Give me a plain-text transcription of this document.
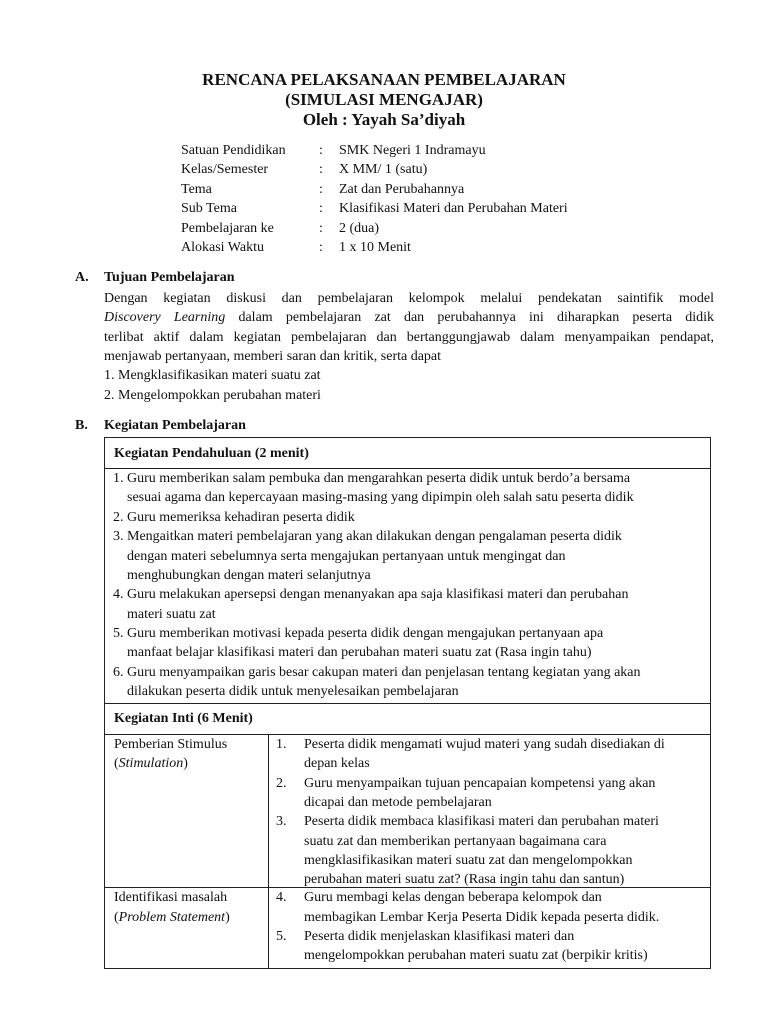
RENCANA PELAKSANAAN PEMBELAJARAN
(SIMULASI MENGAJAR)
Oleh : Yayah Sa’diyah
Satuan Pendidikan	:	SMK Negeri 1 Indramayu
Kelas/Semester	:	X MM/ 1 (satu)
Tema	:	Zat dan Perubahannya
Sub Tema	:	Klasifikasi Materi dan Perubahan Materi
Pembelajaran ke	:	2 (dua)
Alokasi Waktu	:	1 x 10 Menit
A. Tujuan Pembelajaran
Dengan kegiatan diskusi dan pembelajaran kelompok melalui pendekatan saintifik model
Discovery Learning dalam pembelajaran zat dan perubahannya ini diharapkan peserta didik
terlibat aktif dalam kegiatan pembelajaran dan bertanggungjawab dalam menyampaikan pendapat,
menjawab pertanyaan, memberi saran dan kritik, serta dapat
1. Mengklasifikasikan materi suatu zat
2. Mengelompokkan perubahan materi
B. Kegiatan Pembelajaran
Kegiatan Pendahuluan (2 menit)
1. Guru memberikan salam pembuka dan mengarahkan peserta didik untuk berdo’a bersama
sesuai agama dan kepercayaan masing-masing yang dipimpin oleh salah satu peserta didik
2. Guru memeriksa kehadiran peserta didik
3. Mengaitkan materi pembelajaran yang akan dilakukan dengan pengalaman peserta didik
dengan materi sebelumnya serta mengajukan pertanyaan untuk mengingat dan
menghubungkan dengan materi selanjutnya
4. Guru melakukan apersepsi dengan menanyakan apa saja klasifikasi materi dan perubahan
materi suatu zat
5. Guru memberikan motivasi kepada peserta didik dengan mengajukan pertanyaan apa
manfaat belajar klasifikasi materi dan perubahan materi suatu zat (Rasa ingin tahu)
6. Guru menyampaikan garis besar cakupan materi dan penjelasan tentang kegiatan yang akan
dilakukan peserta didik untuk menyelesaikan pembelajaran
Kegiatan Inti (6 Menit)
Pemberian Stimulus
(Stimulation)
1. Peserta didik mengamati wujud materi yang sudah disediakan di
depan kelas
2. Guru menyampaikan tujuan pencapaian kompetensi yang akan
dicapai dan metode pembelajaran
3. Peserta didik membaca klasifikasi materi dan perubahan materi
suatu zat dan memberikan pertanyaan bagaimana cara
mengklasifikasikan materi suatu zat dan mengelompokkan
perubahan materi suatu zat? (Rasa ingin tahu dan santun)
Identifikasi masalah
(Problem Statement)
4. Guru membagi kelas dengan beberapa kelompok dan
membagikan Lembar Kerja Peserta Didik kepada peserta didik.
5. Peserta didik menjelaskan klasifikasi materi dan
mengelompokkan perubahan materi suatu zat (berpikir kritis)
